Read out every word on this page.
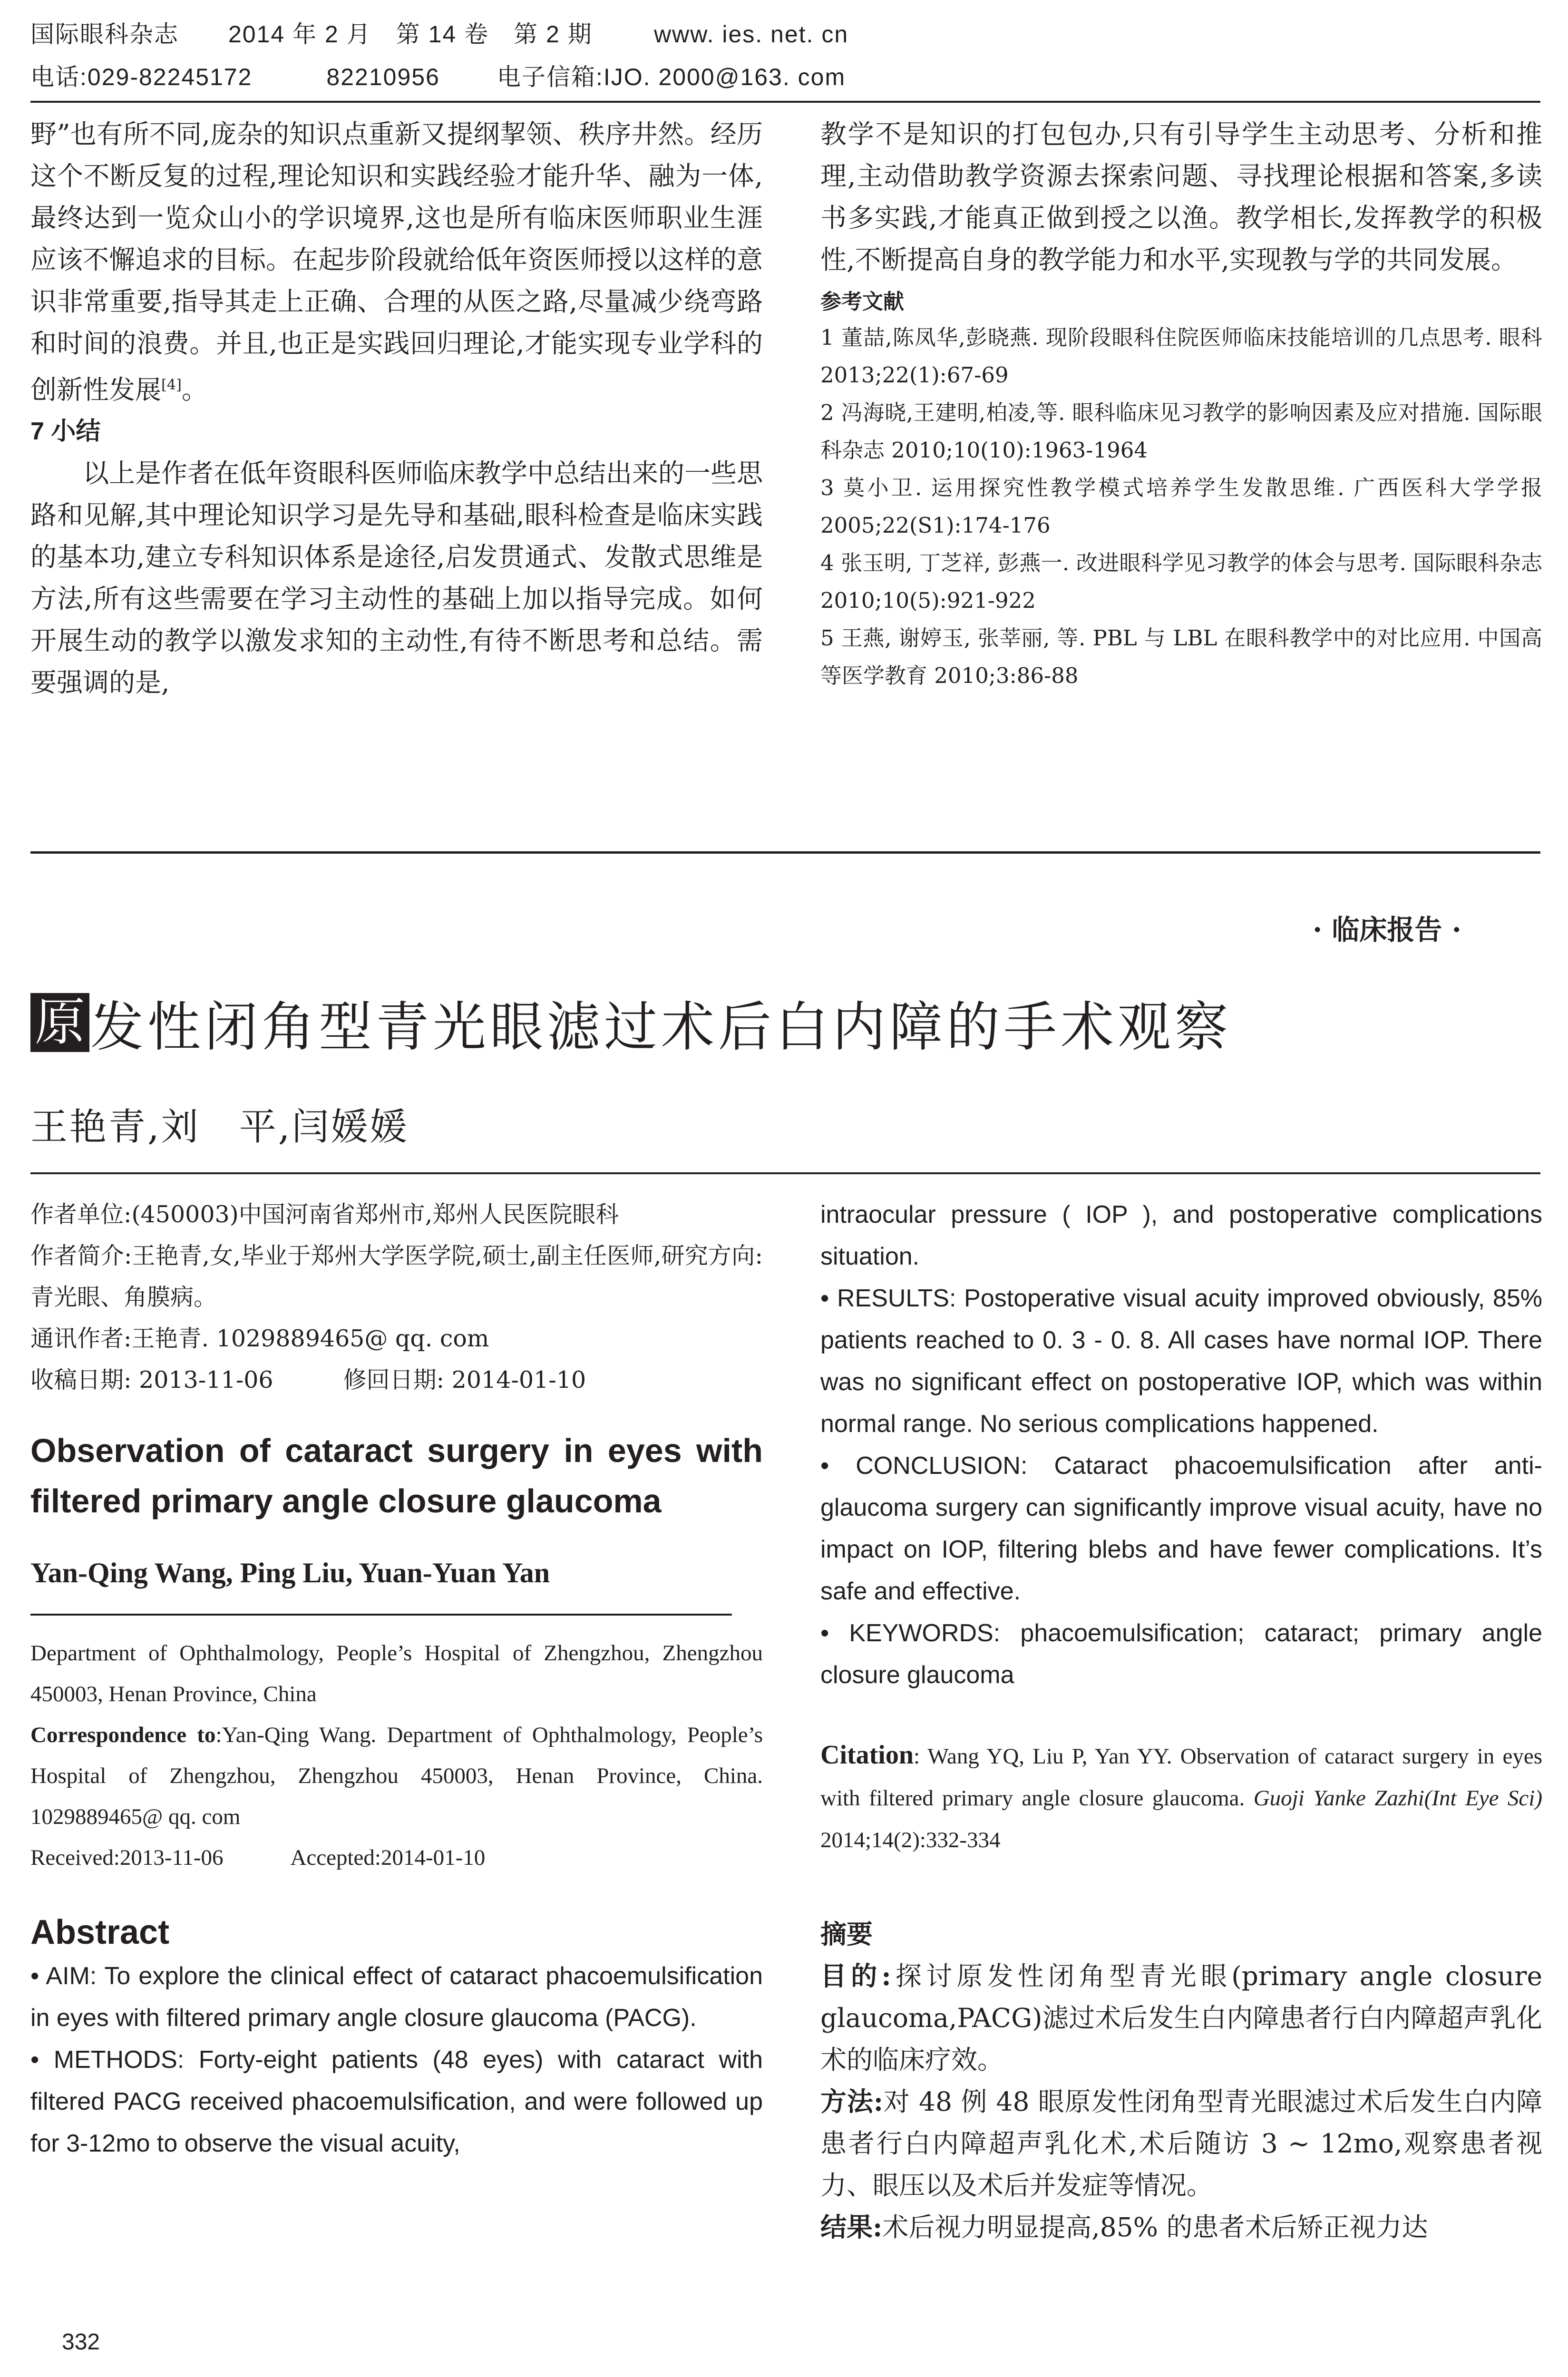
国际眼科杂志 2014 年 2 月　第 14 卷　第 2 期	www. ies. net. cn
电话:029-82245172　　　82210956 电子信箱:IJO. 2000@163. com

野”也有所不同,庞杂的知识点重新又提纲挈领、秩序井然。经历这个不断反复的过程,理论知识和实践经验才能升华、融为一体,最终达到一览众山小的学识境界,这也是所有临床医师职业生涯应该不懈追求的目标。在起步阶段就给低年资医师授以这样的意识非常重要,指导其走上正确、合理的从医之路,尽量减少绕弯路和时间的浪费。并且,也正是实践回归理论,才能实现专业学科的创新性发展[4]。

7 小结

以上是作者在低年资眼科医师临床教学中总结出来的一些思路和见解,其中理论知识学习是先导和基础,眼科检查是临床实践的基本功,建立专科知识体系是途径,启发贯通式、发散式思维是方法,所有这些需要在学习主动性的基础上加以指导完成。如何开展生动的教学以激发求知的主动性,有待不断思考和总结。需要强调的是,

教学不是知识的打包包办,只有引导学生主动思考、分析和推理,主动借助教学资源去探索问题、寻找理论根据和答案,多读书多实践,才能真正做到授之以渔。教学相长,发挥教学的积极性,不断提高自身的教学能力和水平,实现教与学的共同发展。

参考文献

1 董喆,陈凤华,彭晓燕. 现阶段眼科住院医师临床技能培训的几点思考. 眼科 2013;22(1):67-69

2 冯海晓,王建明,柏凌,等. 眼科临床见习教学的影响因素及应对措施. 国际眼科杂志 2010;10(10):1963-1964

3 莫小卫. 运用探究性教学模式培养学生发散思维. 广西医科大学学报 2005;22(S1):174-176

4 张玉明, 丁芝祥, 彭燕一. 改进眼科学见习教学的体会与思考. 国际眼科杂志 2010;10(5):921-922

5 王燕, 谢婷玉, 张莘丽, 等. PBL 与 LBL 在眼科教学中的对比应用. 中国高等医学教育 2010;3:86-88

· 临床报告 ·
原 发性闭角型青光眼滤过术后白内障的手术观察
王艳青,刘　平,闫媛媛

作者单位:(450003)中国河南省郑州市,郑州人民医院眼科

作者简介:王艳青,女,毕业于郑州大学医学院,硕士,副主任医师,研究方向:青光眼、角膜病。

通讯作者:王艳青. 1029889465@ qq. com

收稿日期: 2013-11-06　　　修回日期: 2014-01-10

Observation of cataract surgery in eyes with filtered primary angle closure glaucoma

Yan-Qing Wang, Ping Liu, Yuan-Yuan Yan

Department of Ophthalmology, People’s Hospital of Zhengzhou, Zhengzhou 450003, Henan Province, China

Correspondence to:Yan-Qing Wang. Department of Ophthalmology, People’s Hospital of Zhengzhou, Zhengzhou 450003, Henan Province, China. 1029889465@ qq. com

Received:2013-11-06　　　Accepted:2014-01-10

Abstract

• AIM: To explore the clinical effect of cataract phacoemulsification in eyes with filtered primary angle closure glaucoma (PACG).

• METHODS: Forty-eight patients (48 eyes) with cataract with filtered PACG received phacoemulsification, and were followed up for 3-12mo to observe the visual acuity,

intraocular pressure ( IOP ), and postoperative complications situation.

• RESULTS: Postoperative visual acuity improved obviously, 85% patients reached to 0. 3 - 0. 8. All cases have normal IOP. There was no significant effect on postoperative IOP, which was within normal range. No serious complications happened.

• CONCLUSION: Cataract phacoemulsification after anti-glaucoma surgery can significantly improve visual acuity, have no impact on IOP, filtering blebs and have fewer complications. It’s safe and effective.

• KEYWORDS: phacoemulsification; cataract; primary angle closure glaucoma

Citation: Wang YQ, Liu P, Yan YY. Observation of cataract surgery in eyes with filtered primary angle closure glaucoma. Guoji Yanke Zazhi(Int Eye Sci) 2014;14(2):332-334

摘要

目的:探讨原发性闭角型青光眼(primary angle closure glaucoma,PACG)滤过术后发生白内障患者行白内障超声乳化术的临床疗效。

方法:对 48 例 48 眼原发性闭角型青光眼滤过术后发生白内障患者行白内障超声乳化术,术后随访 3 ~ 12mo,观察患者视力、眼压以及术后并发症等情况。

结果:术后视力明显提高,85% 的患者术后矫正视力达

332
